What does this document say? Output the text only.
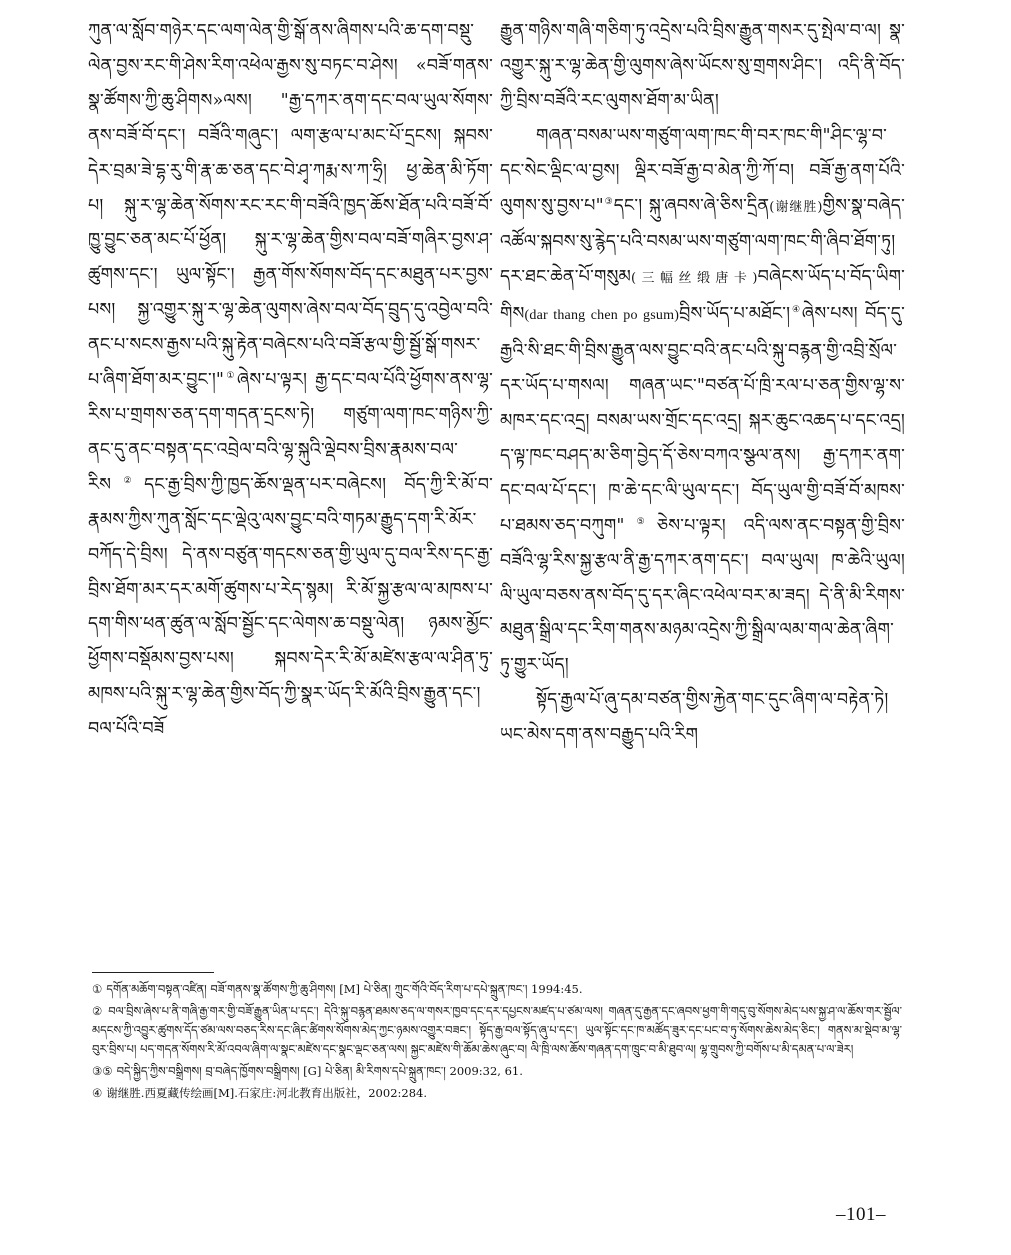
ཀུན་ལ་སློབ་གཉེར་དང་ལག་ལེན་གྱི་སྒོ་ནས་ཞིགས་པའི་ཆ་དག་བསྡུ་ལེན་བྱས་རང་གི་ཤེས་རིག་འཕེལ་རྒྱས་སུ་བཏང་བ་ཤེས། «བཟོ་གནས་སྣ་ཚོགས་ཀྱི་ཆུ་ཤིགས»ལས། "རྒྱ་དཀར་ནག་དང་བལ་ཡུལ་སོགས་ནས་བཟོ་བོ་དང་། བཟོའི་གཞུང་། ལག་རྩལ་པ་མང་པོ་དྲངས། སྐབས་དེར་བྲམ་ཟེ་དྷ་རུ་གི་རྣ་ཆ་ཅན་དང་བེ་ཤྭ་ཀརྨ་ས་ཀ་ཧྲི། ཕྱ་ཆེན་མི་ཏོག་པ། སྐུ་ར་ལྷ་ཆེན་སོགས་རང་རང་གི་བཟོའི་ཁྱད་ཆོས་ཐོན་པའི་བཟོ་བོ་ཁྱུ་བྱུང་ཅན་མང་པོ་ཕྱོན། སྐུ་ར་ལྷ་ཆེན་གྱིས་བལ་བཟོ་གཞིར་བྱས་ཤ་ཚུགས་དང་། ཡུལ་སྟོང་། རྒྱན་གོས་སོགས་བོད་དང་མཐུན་པར་བྱས་པས། སྐྱ་འགྱུར་སྐུ་ར་ལྷ་ཆེན་ལུགས་ཞེས་བལ་བོད་བྲུད་དུ་འབྱེལ་བའི་ནང་པ་སངས་རྒྱས་པའི་སྐུ་རྟེན་བཞེངས་པའི་བཟོ་རྩལ་གྱི་སྦྱོ་སྒོ་གསར་པ་ཞིག་ཐོག་མར་བྱུང་།"①ཞེས་པ་ལྟར། རྒྱ་དང་བལ་པོའི་ཕྱོགས་ནས་ལྷ་རིས་པ་གྲགས་ཅན་དག་གདན་དྲངས་ཏེ། གཙུག་ལག་ཁང་གཉིས་ཀྱི་ནང་དུ་ནང་བསྟན་དང་འབྲེལ་བའི་ལྷ་སྐུའི་ལྡེབས་བྲིས་རྣམས་བལ་རིས②དང་རྒྱ་བྲིས་ཀྱི་ཁྱད་ཆོས་ལྡན་པར་བཞེངས། བོད་ཀྱི་རི་མོ་བ་རྣམས་ཀྱིས་ཀུན་སློང་དང་ལྡེའུ་ལས་བྱུང་བའི་གཏམ་རྒྱུད་དག་རི་མོར་བཀོད་དེ་བྲིས། དེ་ནས་བཙུན་གདངས་ཅན་གྱི་ཡུལ་དུ་བལ་རིས་དང་རྒྱ་བྲིས་ཐོག་མར་དར་མགོ་ཚུགས་པ་རེད་སྙམ། རི་མོ་སྐྱ་རྩལ་ལ་མཁས་པ་དག་གིས་ཕན་ཚུན་ལ་སློབ་སྦྱོང་དང་ལེགས་ཆ་བསྡུ་ལེན། ཉམས་མྱོང་ཕྱོགས་བསྡོམས་བྱས་པས། སྐབས་དེར་རི་མོ་མཛེས་རྩལ་ལ་ཤིན་ཏུ་མཁས་པའི་སྐུ་ར་ལྷ་ཆེན་གྱིས་བོད་ཀྱི་སྣར་ཡོད་རི་མོའི་བྲིས་རྒྱུན་དང་། བལ་པོའི་བཟོ

རྒྱུན་གཉིས་གཞི་གཅིག་ཏུ་འདྲེས་པའི་བྲིས་རྒྱུན་གསར་དུ་སྤེལ་བ་ལ། སྣ་འགྱུར་སྐུ་ར་ལྷ་ཆེན་གྱི་ལུགས་ཞེས་ཡོངས་སུ་གྲགས་ཤིང་། འདི་ནི་བོད་ཀྱི་བྲིས་བཟོའི་རང་ལུགས་ཐོག་མ་ཡིན།

གཞན་བསམ་ཡས་གཙུག་ལག་ཁང་གི་བར་ཁང་གི"ཤིང་ལྷ་བ་དང་སེང་ལྡིང་ལ་བྱས། ལྡིར་བཟོ་རྒྱ་བ་མེན་ཀྱི་ཀོ་བ། བཟོ་རྒྱ་ནག་པོའི་ལུགས་སུ་བྱས་པ"③དང་། སྐུ་ཞབས་ཞེ་ཅིས་དྲིན(谢继胜)གྱིས་སྣ་བཞེད་འཚོལ་སྐབས་སུ་རྙེད་པའི་བསམ་ཡས་གཙུག་ལག་ཁང་གི་ཞིབ་ཐོག་ཏུ། དར་ཐང་ཆེན་པོ་གསུམ(三幅丝缎唐卡)བཞེངས་ཡོད་པ་བོད་ཡིག་གིས(dar thang chen po gsum)བྲིས་ཡོད་པ་མཐོང་།④ཞེས་པས། བོད་དུ་རྒྱའི་སི་ཐང་གི་བྲིས་རྒྱུན་ལས་བྱུང་བའི་ནང་པའི་སྐུ་བརྙན་གྱི་འབྲི་སྲོལ་དར་ཡོད་པ་གསལ། གཞན་ཡང་"བཙན་པོ་ཁྲི་རལ་པ་ཅན་གྱིས་ལྷ་ས་མཁར་དང་འདྲ། བསམ་ཡས་གྲོང་དང་འདྲ། སྐར་ཆུང་འཆད་པ་དང་འདྲ། ད་ལྟ་ཁང་བཤད་མ་ཅིག་བྱེད་དོ་ཅེས་བཀའ་སྩལ་ནས། རྒྱ་དཀར་ནག་དང་བལ་པོ་དང་། ཁ་ཆེ་དང་ལི་ཡུལ་དང་། བོད་ཡུལ་གྱི་བཟོ་བོ་མཁས་པ་ཐམས་ཅད་བཀུག"⑤ཅེས་པ་ལྟར། འདི་ལས་ནང་བསྟན་གྱི་བྲིས་བཟོའི་ལྷ་རིས་སྐྱ་རྩལ་ནི་རྒྱ་དཀར་ནག་དང་། བལ་ཡུལ། ཁ་ཆེའི་ཡུལ། ལི་ཡུལ་བཅས་ནས་བོད་དུ་དར་ཞིང་འཕེལ་བར་མ་ཟད། དེ་ནི་མི་རིགས་མཐུན་སྒྲིལ་དང་རིག་གནས་མཉམ་འདྲེས་ཀྱི་སྒྲིལ་ལམ་གལ་ཆེན་ཞིག་ཏུ་གྱུར་ཡོད།

སྟོད་རྒྱལ་པོ་ཞུ་དམ་བཙན་གྱིས་རྐྱེན་གང་དུང་ཞིག་ལ་བརྟེན་ཏེ། ཡང་མེས་དག་ནས་བརྒྱུད་པའི་རིག

① དགོན་མཆོག་བསྟན་འཛིན། བཟོ་གནས་སྣ་ཚོགས་ཀྱི་ཆུ་ཤིགས། [M] པེ་ཅིན། ཀྲུང་གོའི་བོད་རིག་པ་དཔེ་སྐྲུན་ཁང་། 1994:45.

② བལ་བྲིས་ཞེས་པ་ནི་གཞི་རྒྱ་གར་གྱི་བཟོ་རྒྱུན་ཡིན་པ་དང་། དེའི་སྐུ་བརྙན་ཐམས་ཅད་ལ་གསར་ཁྱབ་དང་དར་དཔྱངས་མཛད་པ་ཙམ་ལས། གཞན་དུ་རྒྱན་དང་ཞབས་ཕྱག་གི་གདུ་བུ་སོགས་མེད་པས་སྐྱ་ཤ་ལ་ཆོས་གར་སྦྱོལ་མདངས་ཀྱི་འབྱུར་ཚུགས་དོད་ཙམ་ལས་བཅད་རིས་དང་ཞིང་ཚིགས་སོགས་མེད་ཀྱང་ཉམས་འགྱུར་བཟང་། སྟོད་རྒྱ་བལ་སྟོད་ཞུ་པ་དང་། ཡུལ་སྟོང་དང་ཁ་མཚོད་ཟུར་དང་པང་བ་ཏུ་སོགས་ཆེས་མེད་ཅིང་། གནས་མ་སྡེབ་མ་ལྷ་བུར་བྲིས་པ། པད་གདན་སོགས་རི་མོ་འབལ་ཞིག་ལ་སྣང་མཛེས་དང་སྣང་ལྡང་ཅན་ལས། སྐྱང་མཛེས་གི་ཆོམ་ཆེས་ཞུང་བ། ལི་ཁྲི་ལས་ཆོས་གཞན་དག་ཁྲུང་བ་མི་ཐུབ་ལ། ལྷ་གྲུབས་ཀྱི་བགོས་པ་མི་དམན་པ་ལ་ཟེར།

③⑤ བདེ་སྐྱིད་ཀྱིས་བསྒྲིགས། བྲ་བཞེད་ཁྱོགས་བསྒྲིགས། [G] པེ་ཅིན། མི་རིགས་དཔེ་སྐྲུན་ཁང་། 2009:32, 61.

④ 谢继胜.西夏藏传绘画[M].石家庄:河北教育出版社，2002:284.

–101–
